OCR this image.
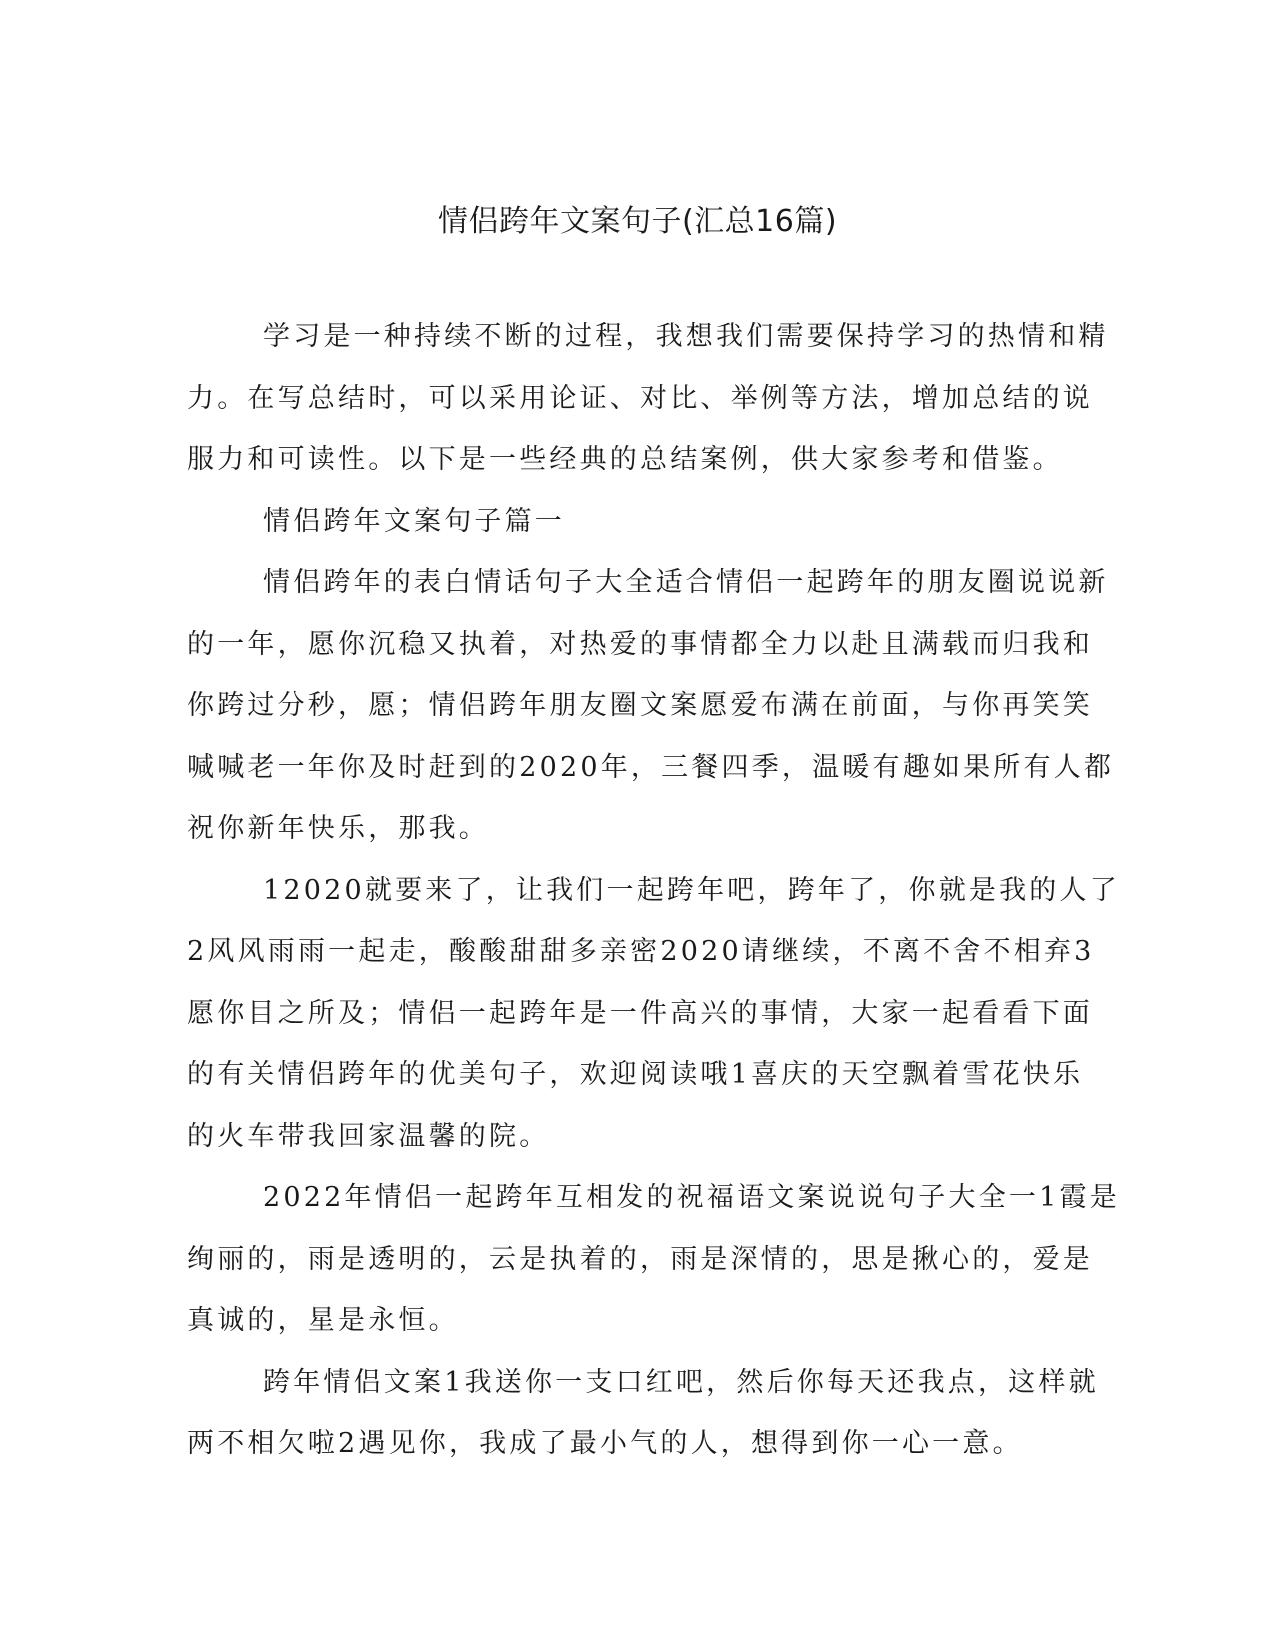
情侣跨年文案句子(汇总16篇)
学习是一种持续不断的过程，我想我们需要保持学习的热情和精
力。在写总结时，可以采用论证、对比、举例等方法，增加总结的说
服力和可读性。以下是一些经典的总结案例，供大家参考和借鉴。
情侣跨年文案句子篇一
情侣跨年的表白情话句子大全适合情侣一起跨年的朋友圈说说新
的一年，愿你沉稳又执着，对热爱的事情都全力以赴且满载而归我和
你跨过分秒，愿；情侣跨年朋友圈文案愿爱布满在前面，与你再笑笑
喊喊老一年你及时赶到的2020年，三餐四季，温暖有趣如果所有人都
祝你新年快乐，那我。
12020就要来了，让我们一起跨年吧，跨年了，你就是我的人了
2风风雨雨一起走，酸酸甜甜多亲密2020请继续，不离不舍不相弃3
愿你目之所及；情侣一起跨年是一件高兴的事情，大家一起看看下面
的有关情侣跨年的优美句子，欢迎阅读哦1喜庆的天空飘着雪花快乐
的火车带我回家温馨的院。
2022年情侣一起跨年互相发的祝福语文案说说句子大全一1霞是
绚丽的，雨是透明的，云是执着的，雨是深情的，思是揪心的，爱是
真诚的，星是永恒。
跨年情侣文案1我送你一支口红吧，然后你每天还我点，这样就
两不相欠啦2遇见你，我成了最小气的人，想得到你一心一意。
